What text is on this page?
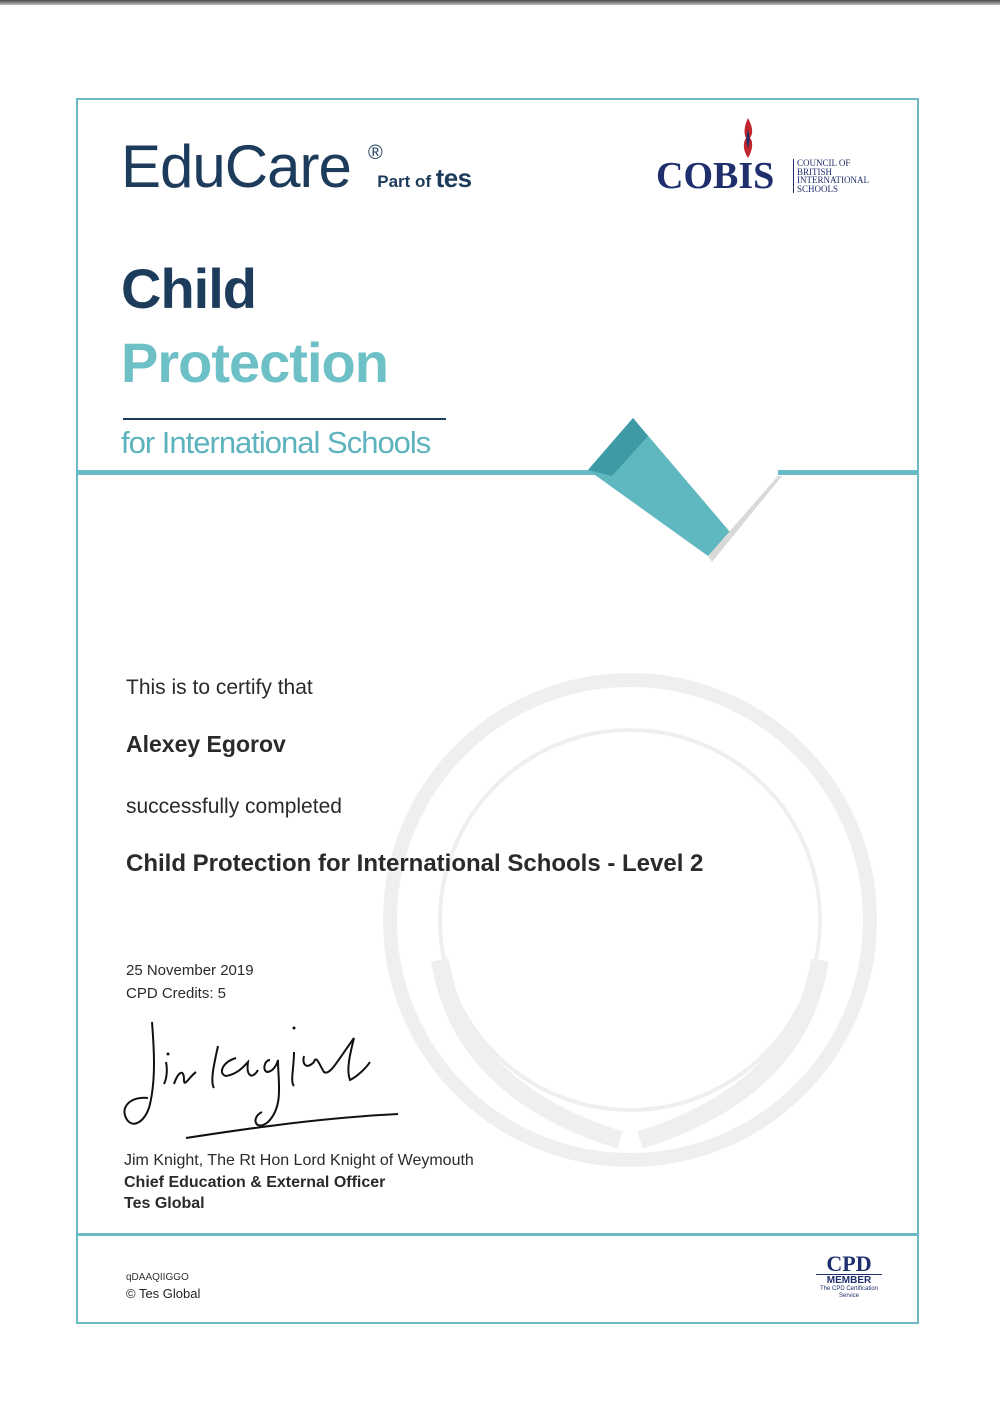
EduCare ®
Part of tes	COBIS	COUNCIL OF
BRITISH
INTERNATIONAL
SCHOOLS
Child
Protection
for International Schools
This is to certify that
Alexey Egorov
successfully completed
Child Protection for International Schools - Level 2
25 November 2019
CPD Credits: 5
Jim Knight, The Rt Hon Lord Knight of Weymouth
Chief Education & External Officer
Tes Global
qDAAQIIGGO
© Tes Global
CPD
MEMBER
The CPD Certification Service
